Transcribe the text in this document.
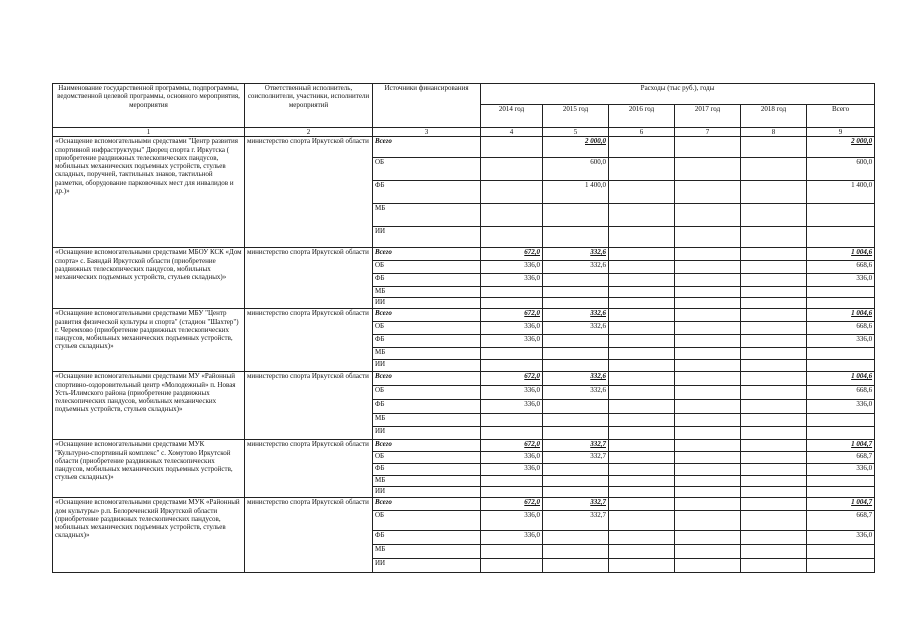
Наименование государственной программы, подпрограммы, ведомственной целевой программы, основного мероприятия, мероприятия	Ответственный исполнитель, соисполнители, участники, исполнители мероприятий	Источники финансирования	Расходы (тыс руб.), годы					
			2014 год	2015 год	2016 год	2017 год	2018 год	Всего
1	2	3	4	5	6	7	8	9
«Оснащение вспомогательными средствами "Центр развития спортивной инфраструктуры" Дворец спорта г. Иркутска ( приобретение раздвижных телескопических пандусов, мобильных механических подъемных устройств, стульев складных, поручней, тактильных знаков, тактильной разметки, оборудование парковочных мест для инвалидов и др.)»	министерство спорта Иркутской области	Всего		2 000,0				2 000,0
		ОБ		600,0				600,0
		ФБ		1 400,0				1 400,0
		МБ						
		ИИ						
«Оснащение вспомогательными средствами МБОУ КСК «Дом спорта» с. Баяндай Иркутской области (приобретение раздвижных телескопических пандусов, мобильных механических подъемных устройств, стульев складных)»	министерство спорта Иркутской области	Всего	672,0	332,6				1 004,6
		ОБ	336,0	332,6				668,6
		ФБ	336,0					336,0
		МБ						
		ИИ						
«Оснащение вспомогательными средствами МБУ "Центр развития физической культуры и спорта" (стадион "Шахтер") г. Черемхово (приобретение раздвижных телескопических пандусов, мобильных механических подъемных устройств, стульев складных)»	министерство спорта Иркутской области	Всего	672,0	332,6				1 004,6
		ОБ	336,0	332,6				668,6
		ФБ	336,0					336,0
		МБ						
		ИИ						
«Оснащение вспомогательными средствами МУ «Районный спортивно-оздоровительный центр «Молодежный» п. Новая Усть-Илимского района (приобретение раздвижных телескопических пандусов, мобильных механических подъемных устройств, стульев складных)»	министерство спорта Иркутской области	Всего	672,0	332,6				1 004,6
		ОБ	336,0	332,6				668,6
		ФБ	336,0					336,0
		МБ						
		ИИ						
«Оснащение вспомогательными средствами МУК "Культурно-спортивный комплекс" с. Хомутово Иркутской области (приобретение раздвижных телескопических пандусов, мобильных механических подъемных устройств, стульев складных)»	министерство спорта Иркутской области	Всего	672,0	332,7				1 004,7
		ОБ	336,0	332,7				668,7
		ФБ	336,0					336,0
		МБ						
		ИИ						
«Оснащение вспомогательными средствами МУК «Районный дом культуры» р.п. Белореченский Иркутской области (приобретение раздвижных телескопических пандусов, мобильных механических подъемных устройств, стульев складных)»	министерство спорта Иркутской области	Всего	672,0	332,7				1 004,7
		ОБ	336,0	332,7				668,7
		ФБ	336,0					336,0
		МБ						
		ИИ						
